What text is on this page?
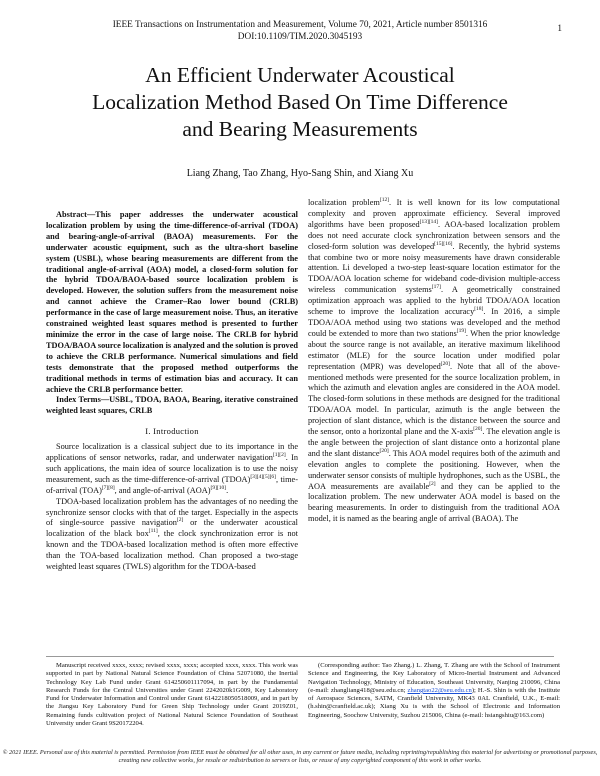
IEEE Transactions on Instrumentation and Measurement, Volume 70, 2021, Article number 8501316
DOI:10.1109/TIM.2020.3045193
1
An Efficient Underwater Acoustical
Localization Method Based On Time Difference
and Bearing Measurements
Liang Zhang, Tao Zhang, Hyo-Sang Shin, and Xiang Xu

Abstract—This paper addresses the underwater acoustical localization problem by using the time-difference-of-arrival (TDOA) and bearing-angle-of-arrival (BAOA) measurements. For the underwater acoustic equipment, such as the ultra-short baseline system (USBL), whose bearing measurements are different from the traditional angle-of-arrival (AOA) model, a closed-form solution for the hybrid TDOA/BAOA-based source localization problem is developed. However, the solution suffers from the measurement noise and cannot achieve the Cramer–Rao lower bound (CRLB) performance in the case of large measurement noise. Thus, an iterative constrained weighted least squares method is presented to further minimize the error in the case of large noise. The CRLB for hybrid TDOA/BAOA source localization is analyzed and the solution is proved to achieve the CRLB performance. Numerical simulations and field tests demonstrate that the proposed method outperforms the traditional methods in terms of estimation bias and accuracy. It can achieve the CRLB performance better.

Index Terms—USBL, TDOA, BAOA, Bearing, iterative constrained weighted least squares, CRLB

I. Introduction

Source localization is a classical subject due to its importance in the applications of sensor networks, radar, and underwater navigation[1][2]. In such applications, the main idea of source localization is to use the noisy measurement, such as the time-difference-of-arrival (TDOA)[3][4][5][6], time-of-arrival (TOA)[7][8], and angle-of-arrival (AOA)[9][10].

TDOA-based localization problem has the advantages of no needing the synchronize sensor clocks with that of the target. Especially in the aspects of single-source passive navigation[2] or the underwater acoustical localization of the black box[11], the clock synchronization error is not known and the TDOA-based localization method is often more effective than the TOA-based localization method. Chan proposed a two-stage weighted least squares (TWLS) algorithm for the TDOA-based

localization problem[12]. It is well known for its low computational complexity and proven approximate efficiency. Several improved algorithms have been proposed[13][14]. AOA-based localization problem does not need accurate clock synchronization between sensors and the closed-form solution was developed[15][16]. Recently, the hybrid systems that combine two or more noisy measurements have drawn considerable attention. Li developed a two-step least-square location estimator for the TDOA/AOA location scheme for wideband code-division multiple-access wireless communication systems[17]. A geometrically constrained optimization approach was applied to the hybrid TDOA/AOA location scheme to improve the localization accuracy[18]. In 2016, a simple TDOA/AOA method using two stations was developed and the method could be extended to more than two stations[19]. When the prior knowledge about the source range is not available, an iterative maximum likelihood estimator (MLE) for the source location under modified polar representation (MPR) was developed[20]. Note that all of the above-mentioned methods were presented for the source localization problem, in which the azimuth and elevation angles are considered in the AOA model. The closed-form solutions in these methods are designed for the traditional TDOA/AOA model. In particular, azimuth is the angle between the projection of slant distance, which is the distance between the source and the sensor, onto a horizontal plane and the X-axis[20]. The elevation angle is the angle between the projection of slant distance onto a horizontal plane and the slant distance[20]. This AOA model requires both of the azimuth and elevation angles to complete the positioning. However, when the underwater sensor consists of multiple hydrophones, such as the USBL, the AOA measurements are available[2] and they can be applied to the localization problem. The new underwater AOA model is based on the bearing measurements. In order to distinguish from the traditional AOA model, it is named as the bearing angle of arrival (BAOA). The

Manuscript received xxxx, xxxx; revised xxxx, xxxx; accepted xxxx, xxxx. This work was supported in part by National Natural Science Foundation of China 52071080, the Inertial Technology Key Lab Fund under Grant 614250601117094, in part by the Fundamental Research Funds for the Central Universities under Grant 2242020k1G009, Key Laboratory Fund for Underwater Information and Control under Grant 6142218050518009, and in part by the Jiangsu Key Laboratory Fund for Green Ship Technology under Grant 2019Z01, Remaining funds cultivation project of National Natural Science Foundation of Southeast University under Grant 9S20172204.
(Corresponding author: Tao Zhang.) L. Zhang, T. Zhang are with the School of Instrument Science and Engineering, the Key Laboratory of Micro-Inertial Instrument and Advanced Navigation Technology, Ministry of Education, Southeast University, Nanjing 210096, China (e-mail: zhangliang418@seu.edu.cn; zhangtao22@seu.edu.cn); H.-S. Shin is with the Institute of Aerospace Sciences, SATM, Cranfield University, MK43 0AL Cranfield, U.K., E-mail: (h.shin@cranfield.ac.uk); Xiang Xu is with the School of Electronic and Information Engineering, Soochow University, Suzhou 215006, China (e-mail: hsiangshiu@163.com)
© 2021 IEEE. Personal use of this material is permitted. Permission from IEEE must be obtained for all other uses, in any current or future media, including reprinting/republishing this material for advertising or promotional purposes, creating new collective works, for resale or redistribution to servers or lists, or reuse of any copyrighted component of this work in other works.
